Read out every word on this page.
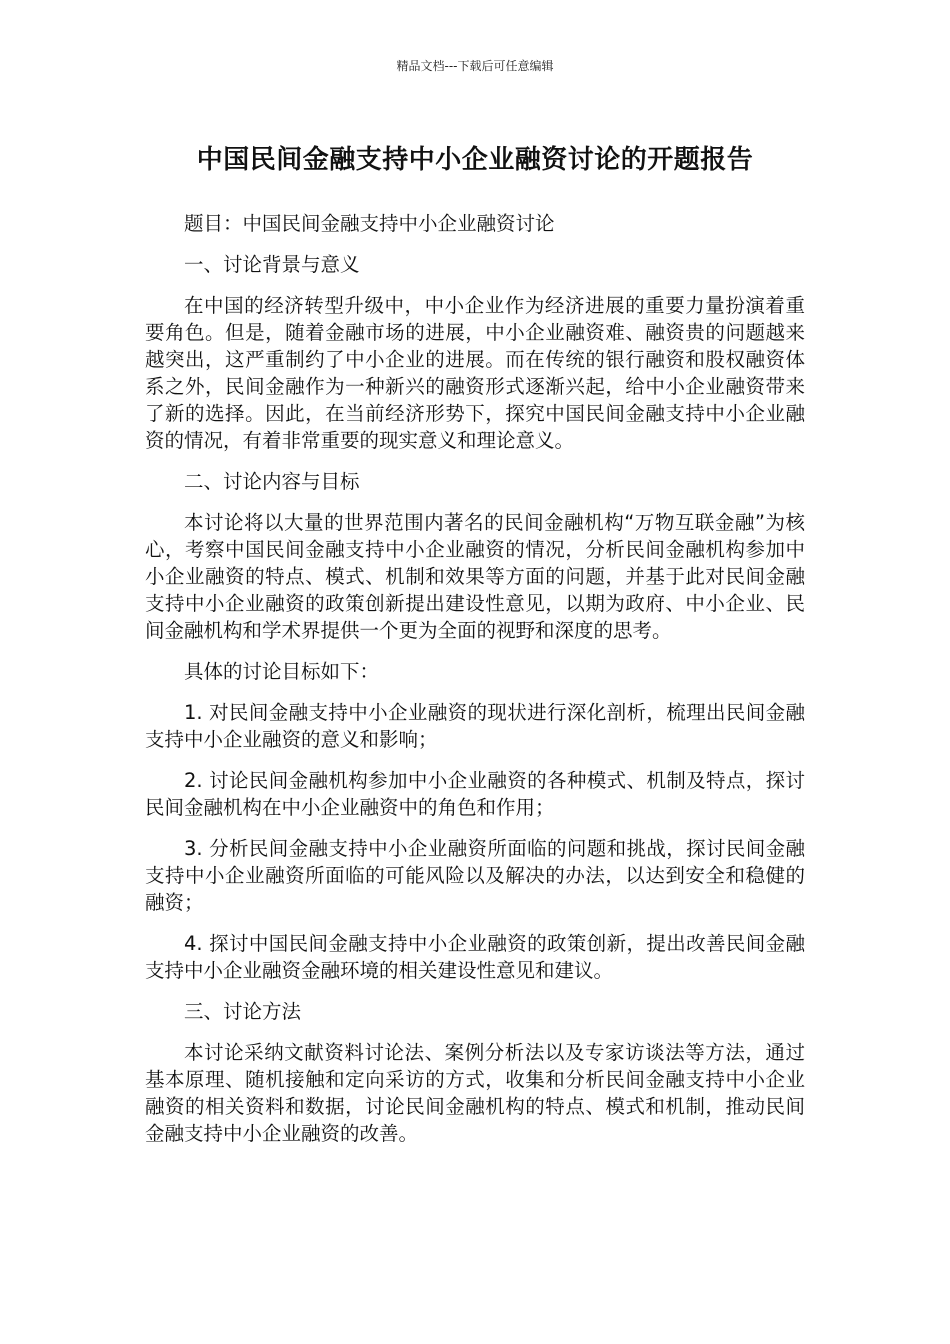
精品文档---下载后可任意编辑
中国民间金融支持中小企业融资讨论的开题报告

题目：中国民间金融支持中小企业融资讨论

一、讨论背景与意义

在中国的经济转型升级中，中小企业作为经济进展的重要力量扮演着重要角色。但是，随着金融市场的进展，中小企业融资难、融资贵的问题越来越突出，这严重制约了中小企业的进展。而在传统的银行融资和股权融资体系之外，民间金融作为一种新兴的融资形式逐渐兴起，给中小企业融资带来了新的选择。因此，在当前经济形势下，探究中国民间金融支持中小企业融资的情况，有着非常重要的现实意义和理论意义。

二、讨论内容与目标

本讨论将以大量的世界范围内著名的民间金融机构“万物互联金融”为核心，考察中国民间金融支持中小企业融资的情况，分析民间金融机构参加中小企业融资的特点、模式、机制和效果等方面的问题，并基于此对民间金融支持中小企业融资的政策创新提出建设性意见，以期为政府、中小企业、民间金融机构和学术界提供一个更为全面的视野和深度的思考。

具体的讨论目标如下：

1. 对民间金融支持中小企业融资的现状进行深化剖析，梳理出民间金融支持中小企业融资的意义和影响；

2. 讨论民间金融机构参加中小企业融资的各种模式、机制及特点，探讨民间金融机构在中小企业融资中的角色和作用；

3. 分析民间金融支持中小企业融资所面临的问题和挑战，探讨民间金融支持中小企业融资所面临的可能风险以及解决的办法，以达到安全和稳健的融资；

4. 探讨中国民间金融支持中小企业融资的政策创新，提出改善民间金融支持中小企业融资金融环境的相关建设性意见和建议。

三、讨论方法

本讨论采纳文献资料讨论法、案例分析法以及专家访谈法等方法，通过基本原理、随机接触和定向采访的方式，收集和分析民间金融支持中小企业融资的相关资料和数据，讨论民间金融机构的特点、模式和机制，推动民间金融支持中小企业融资的改善。
